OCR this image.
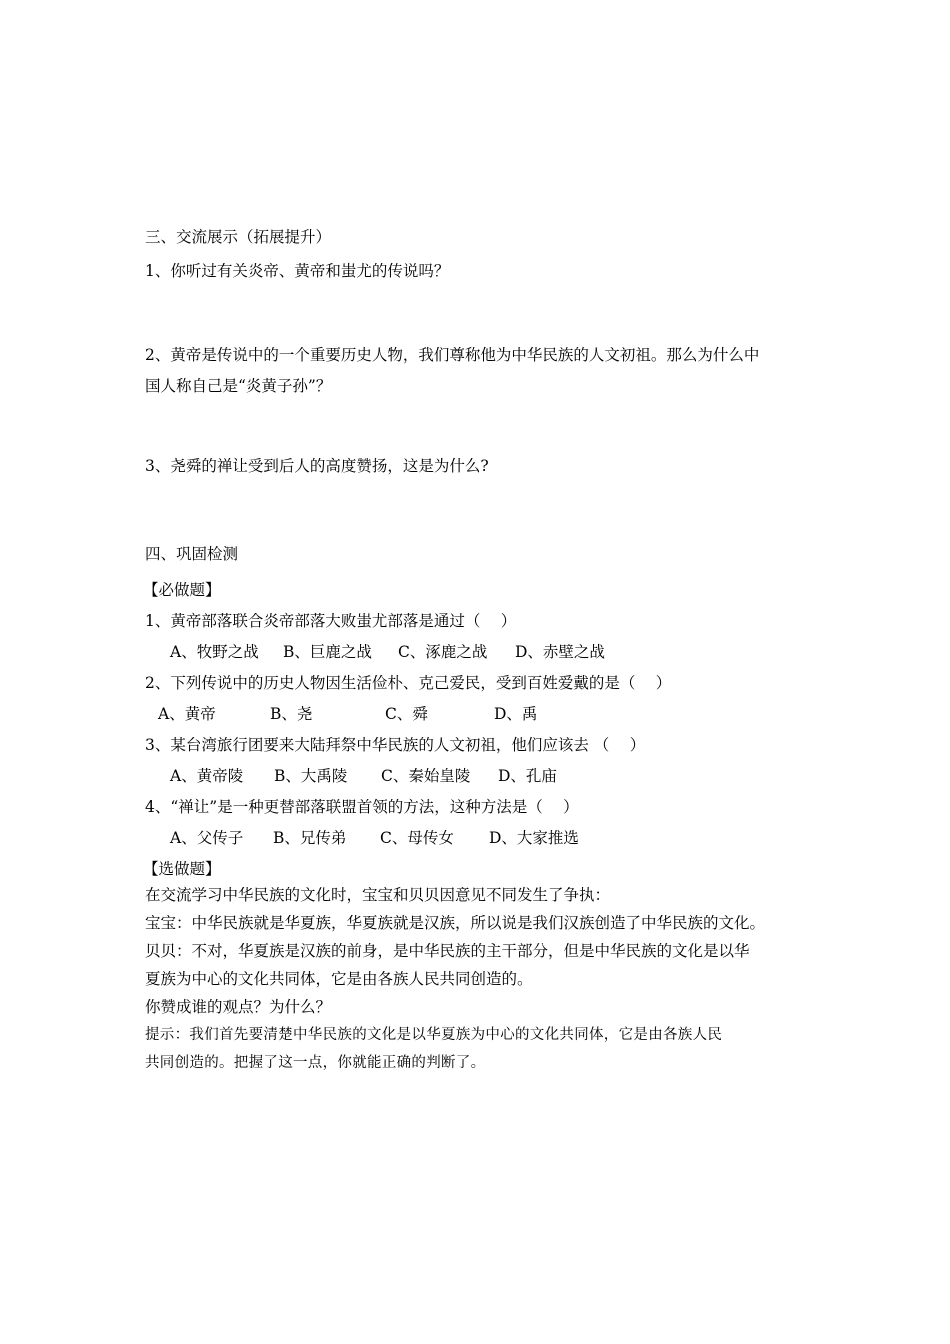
三、交流展示（拓展提升）
1、你听过有关炎帝、黄帝和蚩尤的传说吗？
2、黄帝是传说中的一个重要历史人物，我们尊称他为中华民族的人文初祖。那么为什么中
国人称自己是“炎黄子孙”？
3、尧舜的禅让受到后人的高度赞扬，这是为什么?
四、巩固检测
【必做题】
1、黄帝部落联合炎帝部落大败蚩尤部落是通过（　 ）
A、牧野之战 B、巨鹿之战 C、涿鹿之战 D、赤壁之战
2、下列传说中的历史人物因生活俭朴、克己爱民，受到百姓爱戴的是（　 ）
A、黄帝	B、尧	C、舜	D、禹
3、某台湾旅行团要来大陆拜祭中华民族的人文初祖，他们应该去 （　 ）
A、黄帝陵 B、大禹陵 C、秦始皇陵 D、孔庙
4、“禅让”是一种更替部落联盟首领的方法，这种方法是（　 ）
A、父传子 B、兄传弟 C、母传女 D、大家推选
【选做题】
在交流学习中华民族的文化时，宝宝和贝贝因意见不同发生了争执：
宝宝：中华民族就是华夏族，华夏族就是汉族，所以说是我们汉族创造了中华民族的文化。
贝贝：不对，华夏族是汉族的前身，是中华民族的主干部分，但是中华民族的文化是以华
夏族为中心的文化共同体，它是由各族人民共同创造的。
你赞成谁的观点？为什么？
提示：我们首先要清楚中华民族的文化是以华夏族为中心的文化共同体，它是由各族人民
共同创造的。把握了这一点，你就能正确的判断了。
